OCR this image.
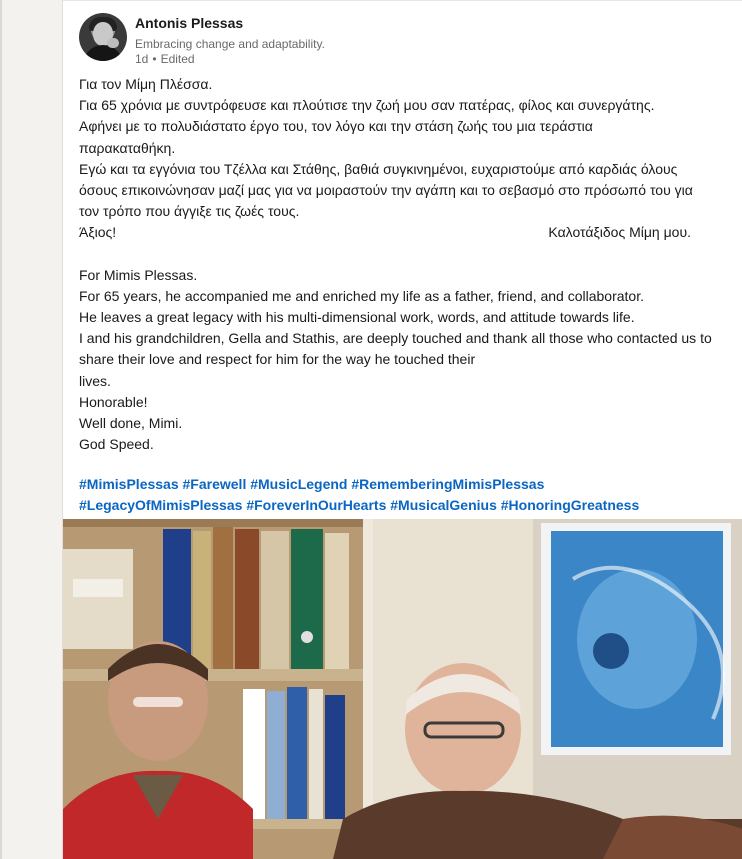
Antonis Plessas
Embracing change and adaptability.
1d • Edited
Για τον Μίμη Πλέσσα.
Για 65 χρόνια με συντρόφευσε και πλούτισε την ζωή μου σαν πατέρας, φίλος και συνεργάτης.
Αφήνει με το πολυδιάστατο έργο του, τον λόγο και την στάση ζωής του μια τεράστια
παρακαταθήκη.
Εγώ και τα εγγόνια του Τζέλλα και Στάθης, βαθιά συγκινημένοι, ευχαριστούμε από καρδιάς όλους
όσους επικοινώνησαν μαζί μας για να μοιραστούν την αγάπη και το σεβασμό στο πρόσωπό του για
τον τρόπο που άγγιξε τις ζωές τους.
Άξιος!	Καλοτάξιδος Μίμη μου.
For Mimis Plessas.
For 65 years, he accompanied me and enriched my life as a father, friend, and collaborator.
He leaves a great legacy with his multi-dimensional work, words, and attitude towards life.
I and his grandchildren, Gella and Stathis, are deeply touched and thank all those who contacted us to
share their love and respect for him for the way he touched their
lives.
Honorable!
Well done, Mimi.
God Speed.
#MimisPlessas #Farewell #MusicLegend #RememberingMimisPlessas
#LegacyOfMimisPlessas #ForeverInOurHearts #MusicalGenius #HonoringGreatness
